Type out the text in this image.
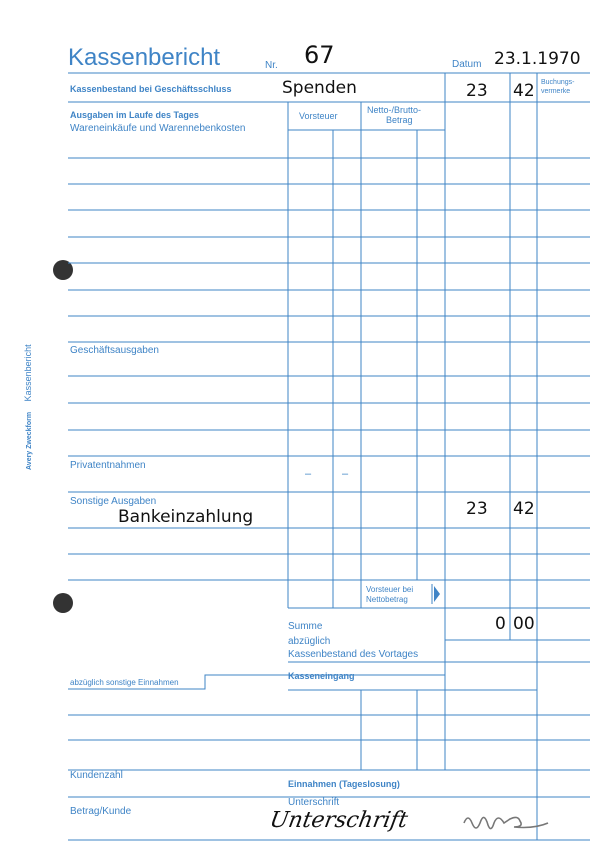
Kassenbericht	Nr. 67	Datum 23.1.1970
Buchungs-
vermerke
Kassenbestand bei Geschäftsschluss	Spenden	23 42
Ausgaben im Laufe des Tages
Wareneinkäufe und Warennebenkosten
Vorsteuer
Netto-/Brutto-
Betrag
Geschäftsausgaben
Privatentnahmen
–	–
Sonstige Ausgaben
Bankeinzahlung	23 42
Vorsteuer bei
Nettobetrag
Summe	0 00
abzüglich
Kassenbestand des Vortages
abzüglich sonstige Einnahmen
Kasseneingang
Kundenzahl
Einnahmen (Tageslosung)
Unterschrift
Betrag/Kunde	Unterschrift
Avery Zweckform Kassenbericht
